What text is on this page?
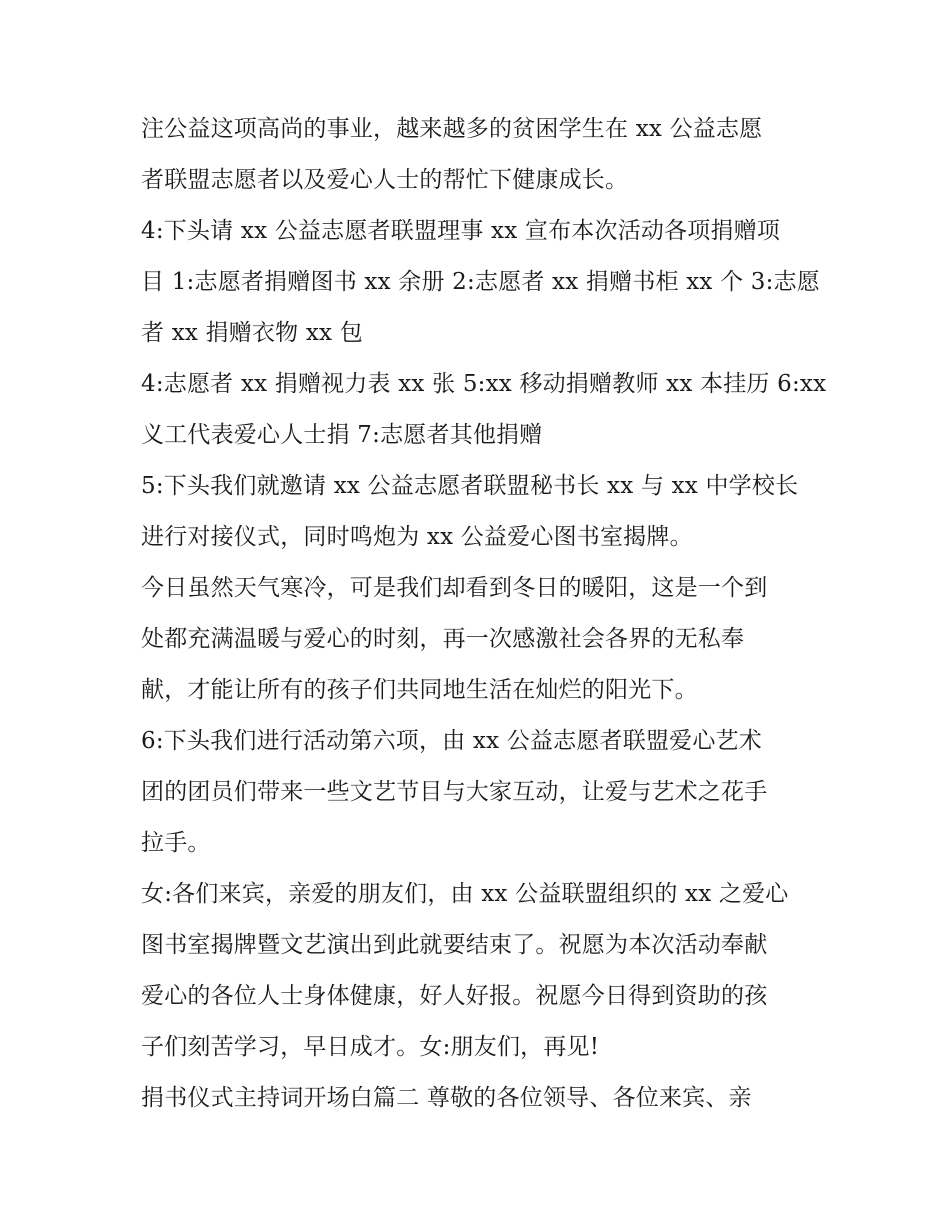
注公益这项高尚的事业，越来越多的贫困学生在 xx 公益志愿
者联盟志愿者以及爱心人士的帮忙下健康成长。
4:下头请 xx 公益志愿者联盟理事 xx 宣布本次活动各项捐赠项
目 1:志愿者捐赠图书 xx 余册 2:志愿者 xx 捐赠书柜 xx 个 3:志愿
者 xx 捐赠衣物 xx 包
4:志愿者 xx 捐赠视力表 xx 张 5:xx 移动捐赠教师 xx 本挂历 6:xx
义工代表爱心人士捐 7:志愿者其他捐赠
5:下头我们就邀请 xx 公益志愿者联盟秘书长 xx 与 xx 中学校长
进行对接仪式，同时鸣炮为 xx 公益爱心图书室揭牌。
今日虽然天气寒冷，可是我们却看到冬日的暖阳，这是一个到
处都充满温暖与爱心的时刻，再一次感激社会各界的无私奉
献，才能让所有的孩子们共同地生活在灿烂的阳光下。
6:下头我们进行活动第六项，由 xx 公益志愿者联盟爱心艺术
团的团员们带来一些文艺节目与大家互动，让爱与艺术之花手
拉手。
女:各们来宾，亲爱的朋友们，由 xx 公益联盟组织的 xx 之爱心
图书室揭牌暨文艺演出到此就要结束了。祝愿为本次活动奉献
爱心的各位人士身体健康，好人好报。祝愿今日得到资助的孩
子们刻苦学习，早日成才。女:朋友们，再见!
捐书仪式主持词开场白篇二 尊敬的各位领导、各位来宾、亲
